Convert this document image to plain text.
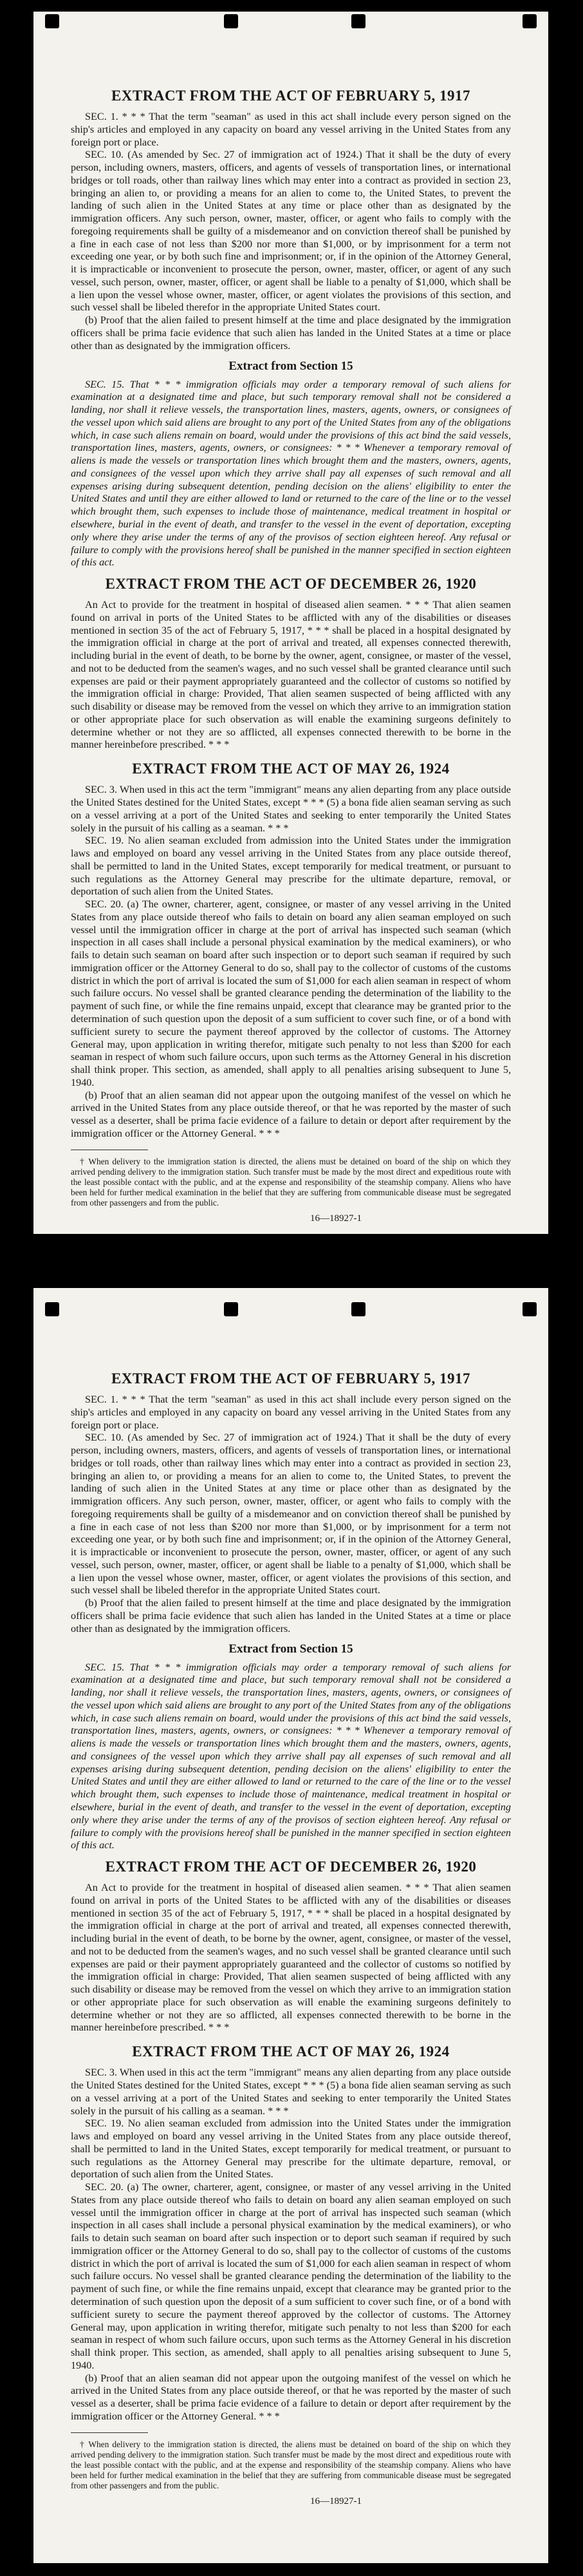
EXTRACT FROM THE ACT OF FEBRUARY 5, 1917

SEC. 1. * * * That the term "seaman" as used in this act shall include every person signed on the ship's articles and employed in any capacity on board any vessel arriving in the United States from any foreign port or place.

SEC. 10. (As amended by Sec. 27 of immigration act of 1924.) That it shall be the duty of every person, including owners, masters, officers, and agents of vessels of transportation lines, or international bridges or toll roads, other than railway lines which may enter into a contract as provided in section 23, bringing an alien to, or providing a means for an alien to come to, the United States, to prevent the landing of such alien in the United States at any time or place other than as designated by the immigration officers. Any such person, owner, master, officer, or agent who fails to comply with the foregoing requirements shall be guilty of a misdemeanor and on conviction thereof shall be punished by a fine in each case of not less than $200 nor more than $1,000, or by imprisonment for a term not exceeding one year, or by both such fine and imprisonment; or, if in the opinion of the Attorney General, it is impracticable or inconvenient to prosecute the person, owner, master, officer, or agent of any such vessel, such person, owner, master, officer, or agent shall be liable to a penalty of $1,000, which shall be a lien upon the vessel whose owner, master, officer, or agent violates the provisions of this section, and such vessel shall be libeled therefor in the appropriate United States court.

(b) Proof that the alien failed to present himself at the time and place designated by the immigration officers shall be prima facie evidence that such alien has landed in the United States at a time or place other than as designated by the immigration officers.

Extract from Section 15

SEC. 15. That * * * immigration officials may order a temporary removal of such aliens for examination at a designated time and place, but such temporary removal shall not be considered a landing, nor shall it relieve vessels, the transportation lines, masters, agents, owners, or consignees of the vessel upon which said aliens are brought to any port of the United States from any of the obligations which, in case such aliens remain on board, would under the provisions of this act bind the said vessels, transportation lines, masters, agents, owners, or consignees: * * * Whenever a temporary removal of aliens is made the vessels or transportation lines which brought them and the masters, owners, agents, and consignees of the vessel upon which they arrive shall pay all expenses of such removal and all expenses arising during subsequent detention, pending decision on the aliens' eligibility to enter the United States and until they are either allowed to land or returned to the care of the line or to the vessel which brought them, such expenses to include those of maintenance, medical treatment in hospital or elsewhere, burial in the event of death, and transfer to the vessel in the event of deportation, excepting only where they arise under the terms of any of the provisos of section eighteen hereof. Any refusal or failure to comply with the provisions hereof shall be punished in the manner specified in section eighteen of this act.

EXTRACT FROM THE ACT OF DECEMBER 26, 1920

An Act to provide for the treatment in hospital of diseased alien seamen. * * * That alien seamen found on arrival in ports of the United States to be afflicted with any of the disabilities or diseases mentioned in section 35 of the act of February 5, 1917, * * * shall be placed in a hospital designated by the immigration official in charge at the port of arrival and treated, all expenses connected therewith, including burial in the event of death, to be borne by the owner, agent, consignee, or master of the vessel, and not to be deducted from the seamen's wages, and no such vessel shall be granted clearance until such expenses are paid or their payment appropriately guaranteed and the collector of customs so notified by the immigration official in charge: Provided, That alien seamen suspected of being afflicted with any such disability or disease may be removed from the vessel on which they arrive to an immigration station or other appropriate place for such observation as will enable the examining surgeons definitely to determine whether or not they are so afflicted, all expenses connected therewith to be borne in the manner hereinbefore prescribed. * * *

EXTRACT FROM THE ACT OF MAY 26, 1924

SEC. 3. When used in this act the term "immigrant" means any alien departing from any place outside the United States destined for the United States, except * * * (5) a bona fide alien seaman serving as such on a vessel arriving at a port of the United States and seeking to enter temporarily the United States solely in the pursuit of his calling as a seaman. * * *

SEC. 19. No alien seaman excluded from admission into the United States under the immigration laws and employed on board any vessel arriving in the United States from any place outside thereof, shall be permitted to land in the United States, except temporarily for medical treatment, or pursuant to such regulations as the Attorney General may prescribe for the ultimate departure, removal, or deportation of such alien from the United States.

SEC. 20. (a) The owner, charterer, agent, consignee, or master of any vessel arriving in the United States from any place outside thereof who fails to detain on board any alien seaman employed on such vessel until the immigration officer in charge at the port of arrival has inspected such seaman (which inspection in all cases shall include a personal physical examination by the medical examiners), or who fails to detain such seaman on board after such inspection or to deport such seaman if required by such immigration officer or the Attorney General to do so, shall pay to the collector of customs of the customs district in which the port of arrival is located the sum of $1,000 for each alien seaman in respect of whom such failure occurs. No vessel shall be granted clearance pending the determination of the liability to the payment of such fine, or while the fine remains unpaid, except that clearance may be granted prior to the determination of such question upon the deposit of a sum sufficient to cover such fine, or of a bond with sufficient surety to secure the payment thereof approved by the collector of customs. The Attorney General may, upon application in writing therefor, mitigate such penalty to not less than $200 for each seaman in respect of whom such failure occurs, upon such terms as the Attorney General in his discretion shall think proper. This section, as amended, shall apply to all penalties arising subsequent to June 5, 1940.

(b) Proof that an alien seaman did not appear upon the outgoing manifest of the vessel on which he arrived in the United States from any place outside thereof, or that he was reported by the master of such vessel as a deserter, shall be prima facie evidence of a failure to detain or deport after requirement by the immigration officer or the Attorney General. * * *

† When delivery to the immigration station is directed, the aliens must be detained on board of the ship on which they arrived pending delivery to the immigration station. Such transfer must be made by the most direct and expeditious route with the least possible contact with the public, and at the expense and responsibility of the steamship company. Aliens who have been held for further medical examination in the belief that they are suffering from communicable disease must be segregated from other passengers and from the public.

16—18927-1
EXTRACT FROM THE ACT OF FEBRUARY 5, 1917

SEC. 1. * * * That the term "seaman" as used in this act shall include every person signed on the ship's articles and employed in any capacity on board any vessel arriving in the United States from any foreign port or place.

SEC. 10. (As amended by Sec. 27 of immigration act of 1924.) That it shall be the duty of every person, including owners, masters, officers, and agents of vessels of transportation lines, or international bridges or toll roads, other than railway lines which may enter into a contract as provided in section 23, bringing an alien to, or providing a means for an alien to come to, the United States, to prevent the landing of such alien in the United States at any time or place other than as designated by the immigration officers. Any such person, owner, master, officer, or agent who fails to comply with the foregoing requirements shall be guilty of a misdemeanor and on conviction thereof shall be punished by a fine in each case of not less than $200 nor more than $1,000, or by imprisonment for a term not exceeding one year, or by both such fine and imprisonment; or, if in the opinion of the Attorney General, it is impracticable or inconvenient to prosecute the person, owner, master, officer, or agent of any such vessel, such person, owner, master, officer, or agent shall be liable to a penalty of $1,000, which shall be a lien upon the vessel whose owner, master, officer, or agent violates the provisions of this section, and such vessel shall be libeled therefor in the appropriate United States court.

(b) Proof that the alien failed to present himself at the time and place designated by the immigration officers shall be prima facie evidence that such alien has landed in the United States at a time or place other than as designated by the immigration officers.

Extract from Section 15

SEC. 15. That * * * immigration officials may order a temporary removal of such aliens for examination at a designated time and place, but such temporary removal shall not be considered a landing, nor shall it relieve vessels, the transportation lines, masters, agents, owners, or consignees of the vessel upon which said aliens are brought to any port of the United States from any of the obligations which, in case such aliens remain on board, would under the provisions of this act bind the said vessels, transportation lines, masters, agents, owners, or consignees: * * * Whenever a temporary removal of aliens is made the vessels or transportation lines which brought them and the masters, owners, agents, and consignees of the vessel upon which they arrive shall pay all expenses of such removal and all expenses arising during subsequent detention, pending decision on the aliens' eligibility to enter the United States and until they are either allowed to land or returned to the care of the line or to the vessel which brought them, such expenses to include those of maintenance, medical treatment in hospital or elsewhere, burial in the event of death, and transfer to the vessel in the event of deportation, excepting only where they arise under the terms of any of the provisos of section eighteen hereof. Any refusal or failure to comply with the provisions hereof shall be punished in the manner specified in section eighteen of this act.

EXTRACT FROM THE ACT OF DECEMBER 26, 1920

An Act to provide for the treatment in hospital of diseased alien seamen. * * * That alien seamen found on arrival in ports of the United States to be afflicted with any of the disabilities or diseases mentioned in section 35 of the act of February 5, 1917, * * * shall be placed in a hospital designated by the immigration official in charge at the port of arrival and treated, all expenses connected therewith, including burial in the event of death, to be borne by the owner, agent, consignee, or master of the vessel, and not to be deducted from the seamen's wages, and no such vessel shall be granted clearance until such expenses are paid or their payment appropriately guaranteed and the collector of customs so notified by the immigration official in charge: Provided, That alien seamen suspected of being afflicted with any such disability or disease may be removed from the vessel on which they arrive to an immigration station or other appropriate place for such observation as will enable the examining surgeons definitely to determine whether or not they are so afflicted, all expenses connected therewith to be borne in the manner hereinbefore prescribed. * * *

EXTRACT FROM THE ACT OF MAY 26, 1924

SEC. 3. When used in this act the term "immigrant" means any alien departing from any place outside the United States destined for the United States, except * * * (5) a bona fide alien seaman serving as such on a vessel arriving at a port of the United States and seeking to enter temporarily the United States solely in the pursuit of his calling as a seaman. * * *

SEC. 19. No alien seaman excluded from admission into the United States under the immigration laws and employed on board any vessel arriving in the United States from any place outside thereof, shall be permitted to land in the United States, except temporarily for medical treatment, or pursuant to such regulations as the Attorney General may prescribe for the ultimate departure, removal, or deportation of such alien from the United States.

SEC. 20. (a) The owner, charterer, agent, consignee, or master of any vessel arriving in the United States from any place outside thereof who fails to detain on board any alien seaman employed on such vessel until the immigration officer in charge at the port of arrival has inspected such seaman (which inspection in all cases shall include a personal physical examination by the medical examiners), or who fails to detain such seaman on board after such inspection or to deport such seaman if required by such immigration officer or the Attorney General to do so, shall pay to the collector of customs of the customs district in which the port of arrival is located the sum of $1,000 for each alien seaman in respect of whom such failure occurs. No vessel shall be granted clearance pending the determination of the liability to the payment of such fine, or while the fine remains unpaid, except that clearance may be granted prior to the determination of such question upon the deposit of a sum sufficient to cover such fine, or of a bond with sufficient surety to secure the payment thereof approved by the collector of customs. The Attorney General may, upon application in writing therefor, mitigate such penalty to not less than $200 for each seaman in respect of whom such failure occurs, upon such terms as the Attorney General in his discretion shall think proper. This section, as amended, shall apply to all penalties arising subsequent to June 5, 1940.

(b) Proof that an alien seaman did not appear upon the outgoing manifest of the vessel on which he arrived in the United States from any place outside thereof, or that he was reported by the master of such vessel as a deserter, shall be prima facie evidence of a failure to detain or deport after requirement by the immigration officer or the Attorney General. * * *

† When delivery to the immigration station is directed, the aliens must be detained on board of the ship on which they arrived pending delivery to the immigration station. Such transfer must be made by the most direct and expeditious route with the least possible contact with the public, and at the expense and responsibility of the steamship company. Aliens who have been held for further medical examination in the belief that they are suffering from communicable disease must be segregated from other passengers and from the public.

16—18927-1
